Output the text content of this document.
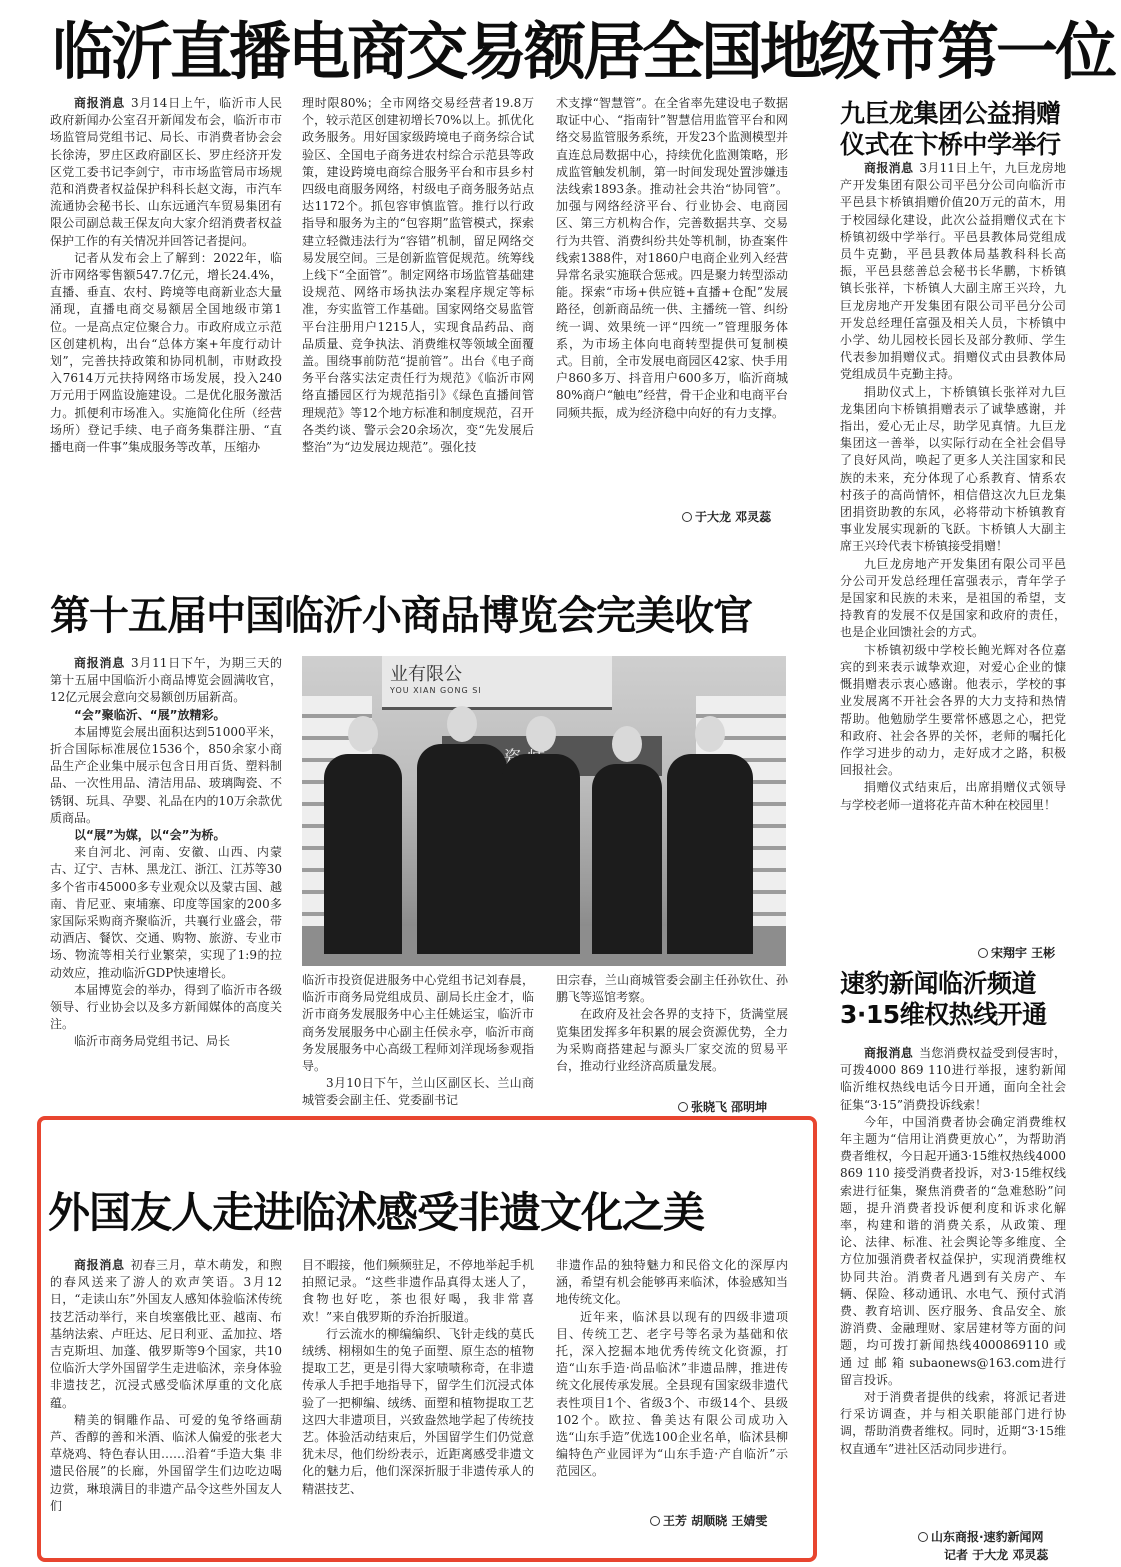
临沂直播电商交易额居全国地级市第一位

商报消息 3月14日上午，临沂市人民政府新闻办公室召开新闻发布会，临沂市市场监管局党组书记、局长、市消费者协会会长徐涛，罗庄区政府副区长、罗庄经济开发区党工委书记李剑宁，市市场监管局市场规范和消费者权益保护科科长赵文海，市汽车流通协会秘书长、山东远通汽车贸易集团有限公司副总裁王保友向大家介绍消费者权益保护工作的有关情况并回答记者提问。

记者从发布会上了解到：2022年，临沂市网络零售额547.7亿元，增长24.4%，直播、垂直、农村、跨境等电商新业态大量涌现，直播电商交易额居全国地级市第1位。一是高点定位聚合力。市政府成立示范区创建机构，出台“总体方案+年度行动计划”，完善扶持政策和协同机制，市财政投入7614万元扶持网络市场发展，投入240万元用于网监设施建设。二是优化服务激活力。抓便利市场准入。实施简化住所（经营场所）登记手续、电子商务集群注册、“直播电商一件事”集成服务等改革，压缩办

理时限80%；全市网络交易经营者19.8万个，较示范区创建初增长70%以上。抓优化政务服务。用好国家级跨境电子商务综合试验区、全国电子商务进农村综合示范县等政策，建设跨境电商综合服务平台和市县乡村四级电商服务网络，村级电子商务服务站点达1172个。抓包容审慎监管。推行以行政指导和服务为主的“包容期”监管模式，探索建立轻微违法行为“容错”机制，留足网络交易发展空间。三是创新监管促规范。统筹线上线下“全面管”。制定网络市场监管基础建设规范、网络市场执法办案程序规定等标准，夯实监管工作基础。国家网络交易监管平台注册用户1215人，实现食品药品、商品质量、竞争执法、消费维权等领域全面覆盖。围绕事前防范“提前管”。出台《电子商务平台落实法定责任行为规范》《临沂市网络直播园区行为规范指引》《绿色直播间管理规范》等12个地方标准和制度规范，召开各类约谈、警示会20余场次，变“先发展后整治”为“边发展边规范”。强化技

术支撑“智慧管”。在全省率先建设电子数据取证中心、“指南针”智慧信用监管平台和网络交易监管服务系统，开发23个监测模型并直连总局数据中心，持续优化监测策略，形成监管触发机制，第一时间发现处置涉嫌违法线索1893条。推动社会共治“协同管”。加强与网络经济平台、行业协会、电商园区、第三方机构合作，完善数据共享、交易行为共管、消费纠纷共处等机制，协查案件线索1388件，对1860户电商企业列入经营异常名录实施联合惩戒。四是聚力转型添动能。探索“市场+供应链+直播+仓配”发展路径，创新商品统一供、主播统一管、纠纷统一调、效果统一评“四统一”管理服务体系，为市场主体向电商转型提供可复制模式。目前，全市发展电商园区42家、快手用户860多万、抖音用户600多万，临沂商城80%商户“触电”经营，骨干企业和电商平台同频共振，成为经济稳中向好的有力支撑。

于大龙 邓灵蕊
第十五届中国临沂小商品博览会完美收官

商报消息 3月11日下午，为期三天的第十五届中国临沂小商品博览会圆满收官， 12亿元展会意向交易额创历届新高。

“会”聚临沂、“展”放精彩。

本届博览会展出面积达到51000平米，折合国际标准展位1536个，850余家小商品生产企业集中展示包含日用百货、塑料制品、一次性用品、清洁用品、玻璃陶瓷、不锈钢、玩具、孕婴、礼品在内的10万余款优质商品。

以“展”为媒，以“会”为桥。

来自河北、河南、安徽、山西、内蒙古、辽宁、吉林、黑龙江、浙江、江苏等30多个省市45000多专业观众以及蒙古国、越南、肯尼亚、柬埔寨、印度等国家的200多家国际采购商齐聚临沂，共襄行业盛会，带动酒店、餐饮、交通、购物、旅游、专业市场、物流等相关行业繁荣，实现了1:9的拉动效应，推动临沂GDP快速增长。

本届博览会的举办，得到了临沂市各级领导、行业协会以及多方新闻媒体的高度关注。

临沂市商务局党组书记、局长

业有限公
YOU XIAN GONG SI

临沂市投资促进服务中心党组书记刘春晨，临沂市商务局党组成员、副局长庄金才，临沂市商务发展服务中心主任姚运宝，临沂市商务发展服务中心副主任侯永亭，临沂市商务发展服务中心高级工程师刘洋现场参观指导。

3月10日下午，兰山区副区长、兰山商城管委会副主任、党委副书记

田宗春，兰山商城管委会副主任孙钦仕、孙鹏飞等巡馆考察。

在政府及社会各界的支持下，货满堂展览集团发挥多年积累的展会资源优势，全力为采购商搭建起与源头厂家交流的贸易平台，推动行业经济高质量发展。

张晓飞 邵明坤
外国友人走进临沭感受非遗文化之美

商报消息 初春三月，草木萌发，和煦的春风送来了游人的欢声笑语。3月12日，“走读山东”外国友人感知体验临沭传统技艺活动举行，来自埃塞俄比亚、越南、布基纳法索、卢旺达、尼日利亚、孟加拉、塔吉克斯坦、加蓬、俄罗斯等9个国家，共10位临沂大学外国留学生走进临沭，亲身体验非遗技艺，沉浸式感受临沭厚重的文化底蕴。

精美的铜雕作品、可爱的兔爷络画葫芦、香醇的善和米酒、临沭人偏爱的张老大草烧鸡、特色春认田……沿着“手造大集 非遗民俗展”的长廊，外国留学生们边吃边喝边赏，琳琅满目的非遗产品令这些外国友人们

目不暇接，他们频频驻足，不停地举起手机拍照记录。“这些非遗作品真得太迷人了，食物也好吃，茶也很好喝，我非常喜欢！”来自俄罗斯的乔治折服道。

行云流水的柳编编织、飞针走线的莫氏绒绣、栩栩如生的兔子面塑、原生态的植物提取工艺，更是引得大家啧啧称奇，在非遗传承人手把手地指导下，留学生们沉浸式体验了一把柳编、绒绣、面塑和植物提取工艺这四大非遗项目，兴致盎然地学起了传统技艺。体验活动结束后，外国留学生们仍觉意犹未尽，他们纷纷表示，近距离感受非遗文化的魅力后，他们深深折服于非遗传承人的精湛技艺、

非遗作品的独特魅力和民俗文化的深厚内涵，希望有机会能够再来临沭，体验感知当地传统文化。

近年来，临沭县以现有的四级非遗项目、传统工艺、老字号等名录为基础和依托，深入挖掘本地优秀传统文化资源，打造“山东手造·尚品临沭”非遗品牌，推进传统文化展传承发展。全县现有国家级非遗代表性项目1个、省级3个、市级14个、县级102个。欧拉、鲁美达有限公司成功入选“山东手造”优选100企业名单，临沭县柳编特色产业园评为“山东手造·产自临沂”示范园区。

王芳 胡顺晓 王婧雯
九巨龙集团公益捐赠
仪式在卞桥中学举行

商报消息 3月11日上午，九巨龙房地产开发集团有限公司平邑分公司向临沂市平邑县卞桥镇捐赠价值20万元的苗木，用于校园绿化建设，此次公益捐赠仪式在卞桥镇初级中学举行。平邑县教体局党组成员牛克勤，平邑县教体局基教科科长高振，平邑县慈善总会秘书长华鹏，卞桥镇镇长张祥，卞桥镇人大副主席王兴玲，九巨龙房地产开发集团有限公司平邑分公司开发总经理任富强及相关人员，卞桥镇中小学、幼儿园校长园长及部分教师、学生代表参加捐赠仪式。捐赠仪式由县教体局党组成员牛克勤主持。

捐助仪式上，卞桥镇镇长张祥对九巨龙集团向卞桥镇捐赠表示了诚挚感谢，并指出，爱心无止尽，助学见真情。九巨龙集团这一善举，以实际行动在全社会倡导了良好风尚，唤起了更多人关注国家和民族的未来，充分体现了心系教育、情系农村孩子的高尚情怀，相信借这次九巨龙集团捐资助教的东风，必将带动卞桥镇教育事业发展实现新的飞跃。卞桥镇人大副主席王兴玲代表卞桥镇接受捐赠！

九巨龙房地产开发集团有限公司平邑分公司开发总经理任富强表示，青年学子是国家和民族的未来，是祖国的希望，支持教育的发展不仅是国家和政府的责任，也是企业回馈社会的方式。

卞桥镇初级中学校长鲍光辉对各位嘉宾的到来表示诚挚欢迎，对爱心企业的慷慨捐赠表示衷心感谢。他表示，学校的事业发展离不开社会各界的大力支持和热情帮助。他勉励学生要常怀感恩之心，把党和政府、社会各界的关怀，老师的嘱托化作学习进步的动力，走好成才之路，积极回报社会。

捐赠仪式结束后，出席捐赠仪式领导与学校老师一道将花卉苗木种在校园里！

宋翔宇 王彬
速豹新闻临沂频道
3·15维权热线开通

商报消息 当您消费权益受到侵害时，可拨4000 869 110进行举报，速豹新闻临沂维权热线电话今日开通，面向全社会征集“3·15”消费投诉线索！

今年，中国消费者协会确定消费维权年主题为“信用让消费更放心”，为帮助消费者维权，今日起开通3·15维权热线4000 869 110 接受消费者投诉，对3·15维权线索进行征集，聚焦消费者的“急难愁盼”问题，提升消费者投诉便利度和诉求化解率，构建和谐的消费关系，从政策、理论、法律、标准、社会舆论等多维度、全方位加强消费者权益保护，实现消费维权协同共治。消费者凡遇到有关房产、车辆、保险、移动通讯、水电气、预付式消费、教育培训、医疗服务、食品安全、旅游消费、金融理财、家居建材等方面的问题，均可拨打新闻热线4000869110 或 通 过 邮 箱 subaonews@163.com进行留言投诉。

对于消费者提供的线索，将派记者进行采访调查，并与相关职能部门进行协调，帮助消费者维权。同时，近期“3·15维权直通车”进社区活动同步进行。

山东商报·速豹新闻网
记者 于大龙 邓灵蕊
